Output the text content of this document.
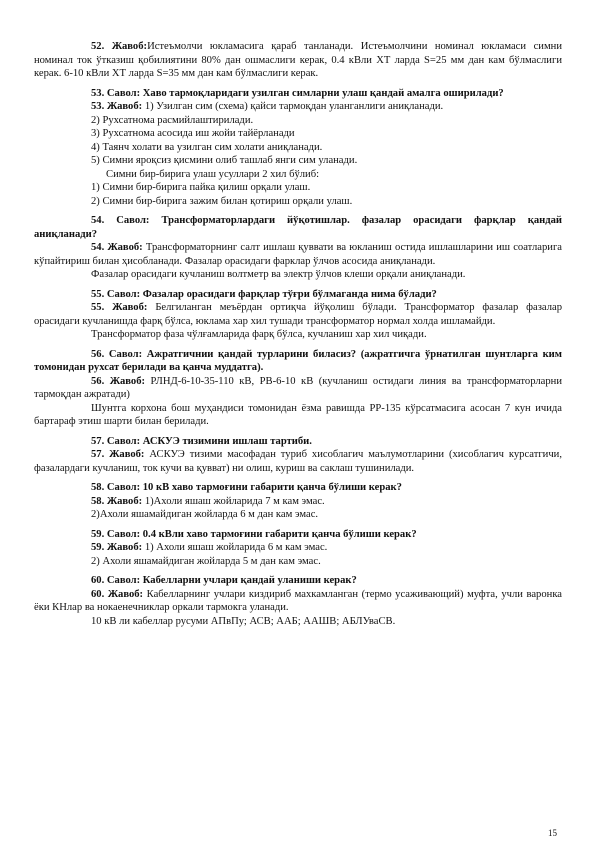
52. Жавоб:Истеъмолчи юкламасига қараб танланади. Истеъмолчини номинал юкламаси симни номинал ток ўтказиш қобилиятини 80% дан ошмаслиги керак, 0.4 кВли ХТ ларда S=25 мм дан кам бўлмаслиги керак. 6-10 кВли ХТ ларда S=35 мм дан кам бўлмаслиги керак.

53. Савол: Хаво тармоқларидаги узилган симларни улаш қандай амалга оширилади?

53. Жавоб: 1) Узилган сим (схема) қайси тармоқдан уланганлиги аниқланади.

2) Рухсатнома расмийлаштирилади.

3) Рухсатнома асосида иш жойи тайёрланади

4) Таянч холати ва узилган сим холати аниқланади.

5) Симни яроқсиз қисмини олиб ташлаб янги сим уланади.

Симни бир-бирига улаш усуллари 2 хил бўлиб:

1) Симни бир-бирига пайка қилиш орқали улаш.

2) Симни бир-бирига зажим билан қотириш орқали улаш.

54. Савол: Трансформаторлардаги йўқотишлар. фазалар орасидаги фарқлар қандай аниқланади?

54. Жавоб: Трансформаторнинг салт ишлаш қуввати ва юкланиш остида ишлашларини иш соатларига кўпайтириш билан ҳисобланади. Фазалар орасидаги фарклар ўлчов асосида аниқланади.

Фазалар орасидаги кучланиш волтметр ва электр ўлчов клеши орқали аниқланади.

55. Савол: Фазалар орасидаги фарқлар тўғри бўлмаганда нима бўлади?

55. Жавоб: Белгиланган меъёрдан ортиқча йўқолиш бўлади. Трансформатор фазалар фазалар орасидаги кучланишда фарқ бўлса, юклама хар хил тушади трансформатор нормал холда ишламайди.

Трансформатор фаза чўлғамларида фарқ бўлса, кучланиш хар хил чиқади.

56. Савол: Ажратгичнии қандай турларини биласиз? (ажратгичга ўрнатилган шунтларга ким томонидан рухсат берилади ва қанча муддатга).

56. Жавоб: РЛНД-6-10-35-110 кВ, РВ-6-10 кВ (кучланиш остидаги линия ва трансформаторларни тармоқдан ажратади)

Шунтга корхона бош муҳандиси томонидан ёзма равишда РР-135 кўрсатмасига асосан 7 кун ичида бартараф этиш шарти билан берилади.

57. Савол: АСКУЭ тизимини ишлаш тартиби.

57. Жавоб: АСКУЭ тизими масофадан туриб хисоблагич маълумотларини (хисоблагич курсатгичи, фазалардаги кучланиш, ток кучи ва қувват) ни олиш, куриш ва саклаш тушинилади.

58. Савол: 10 кВ хаво тармоғини габарити қанча бўлиши керак?

58. Жавоб: 1)Ахоли яшаш жойларида 7 м кам эмас.

2)Ахоли яшамайдиган жойларда 6 м дан кам эмас.

59. Савол: 0.4 кВли хаво тармоғини габарити қанча бўлиши керак?

59. Жавоб: 1) Ахоли яшаш жойларида 6 м кам эмас.

2) Ахоли яшамайдиган жойларда 5 м дан кам эмас.

60. Савол: Кабелларни учлари қандай уланиши керак?

60. Жавоб: Кабелларнинг учлари киздириб махкамланган (термо усаживающий) муфта, учли варонка ёки КНлар ва нокаенечниклар оркали тармокга уланади.

10 кВ ли кабеллар русуми АПвПу; АСВ; ААБ; ААШВ; АБЛУваСВ.

15
